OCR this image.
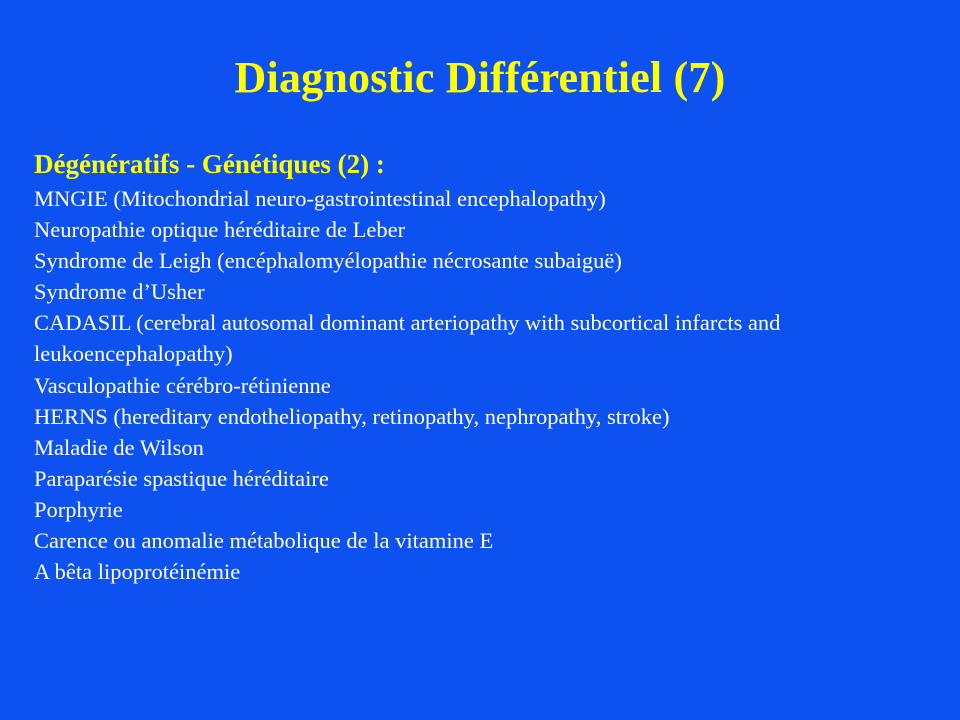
Diagnostic Différentiel (7)
Dégénératifs - Génétiques (2) :
MNGIE (Mitochondrial neuro-gastrointestinal encephalopathy)
Neuropathie optique héréditaire de Leber
Syndrome de Leigh (encéphalomyélopathie nécrosante subaiguë)
Syndrome d’Usher
CADASIL (cerebral autosomal dominant arteriopathy with subcortical infarcts and leukoencephalopathy)
Vasculopathie cérébro-rétinienne
HERNS (hereditary endotheliopathy, retinopathy, nephropathy, stroke)
Maladie de Wilson
Paraparésie spastique héréditaire
Porphyrie
Carence ou anomalie métabolique de la vitamine E
A bêta lipoprotéinémie
